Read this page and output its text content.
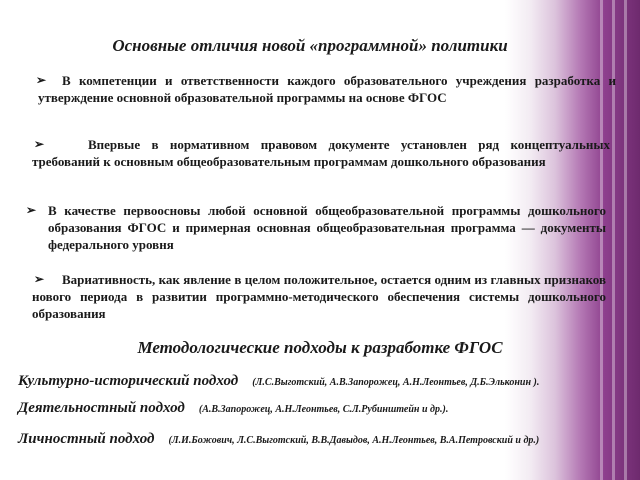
Основные отличия новой «программной» политики
➢	В компетенции и ответственности каждого образовательного учреждения разработка и утверждение основной образовательной программы на основе ФГОС
➢	Впервые в нормативном правовом документе установлен ряд концептуальных требований к основным общеобразовательным программам дошкольного образования
➢ В качестве первоосновы любой основной общеобразовательной программы дошкольного образования ФГОС и примерная основная общеобразовательная программа — документы федерального уровня
➢	Вариативность, как явление в целом положительное, остается одним из главных признаков нового периода в развитии программно-методического обеспечения системы дошкольного образования
Методологические подходы к разработке ФГОС
Культурно-исторический подход (Л.С.Выготский, А.В.Запорожец, А.Н.Леонтьев, Д.Б.Эльконин ).
Деятельностный подход (А.В.Запорожец, А.Н.Леонтьев, С.Л.Рубинштейн и др.).
Личностный подход (Л.И.Божович, Л.С.Выготский, В.В.Давыдов, А.Н.Леонтьев, В.А.Петровский и др.)
